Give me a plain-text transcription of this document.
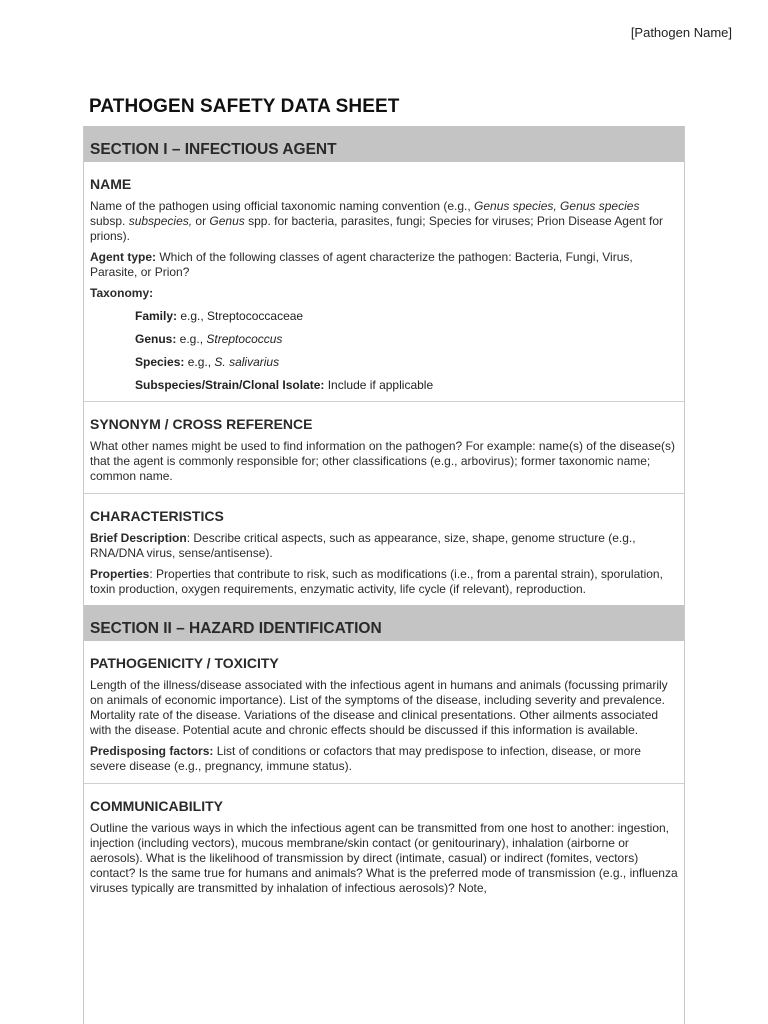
[Pathogen Name]
PATHOGEN SAFETY DATA SHEET
SECTION I – INFECTIOUS AGENT
NAME

Name of the pathogen using official taxonomic naming convention (e.g., Genus species, Genus species subsp. subspecies, or Genus spp. for bacteria, parasites, fungi; Species for viruses; Prion Disease Agent for prions).

Agent type: Which of the following classes of agent characterize the pathogen: Bacteria, Fungi, Virus, Parasite, or Prion?

Taxonomy:

Family: e.g., Streptococcaceae
Genus: e.g., Streptococcus
Species: e.g., S. salivarius
Subspecies/Strain/Clonal Isolate: Include if applicable
SYNONYM / CROSS REFERENCE

What other names might be used to find information on the pathogen? For example: name(s) of the disease(s) that the agent is commonly responsible for; other classifications (e.g., arbovirus); former taxonomic name; common name.

CHARACTERISTICS

Brief Description: Describe critical aspects, such as appearance, size, shape, genome structure (e.g., RNA/DNA virus, sense/antisense).

Properties: Properties that contribute to risk, such as modifications (i.e., from a parental strain), sporulation, toxin production, oxygen requirements, enzymatic activity, life cycle (if relevant), reproduction.

SECTION II – HAZARD IDENTIFICATION
PATHOGENICITY / TOXICITY

Length of the illness/disease associated with the infectious agent in humans and animals (focussing primarily on animals of economic importance). List of the symptoms of the disease, including severity and prevalence. Mortality rate of the disease. Variations of the disease and clinical presentations. Other ailments associated with the disease. Potential acute and chronic effects should be discussed if this information is available.

Predisposing factors: List of conditions or cofactors that may predispose to infection, disease, or more severe disease (e.g., pregnancy, immune status).

COMMUNICABILITY

Outline the various ways in which the infectious agent can be transmitted from one host to another: ingestion, injection (including vectors), mucous membrane/skin contact (or genitourinary), inhalation (airborne or aerosols). What is the likelihood of transmission by direct (intimate, casual) or indirect (fomites, vectors) contact? Is the same true for humans and animals? What is the preferred mode of transmission (e.g., influenza viruses typically are transmitted by inhalation of infectious aerosols)? Note,
